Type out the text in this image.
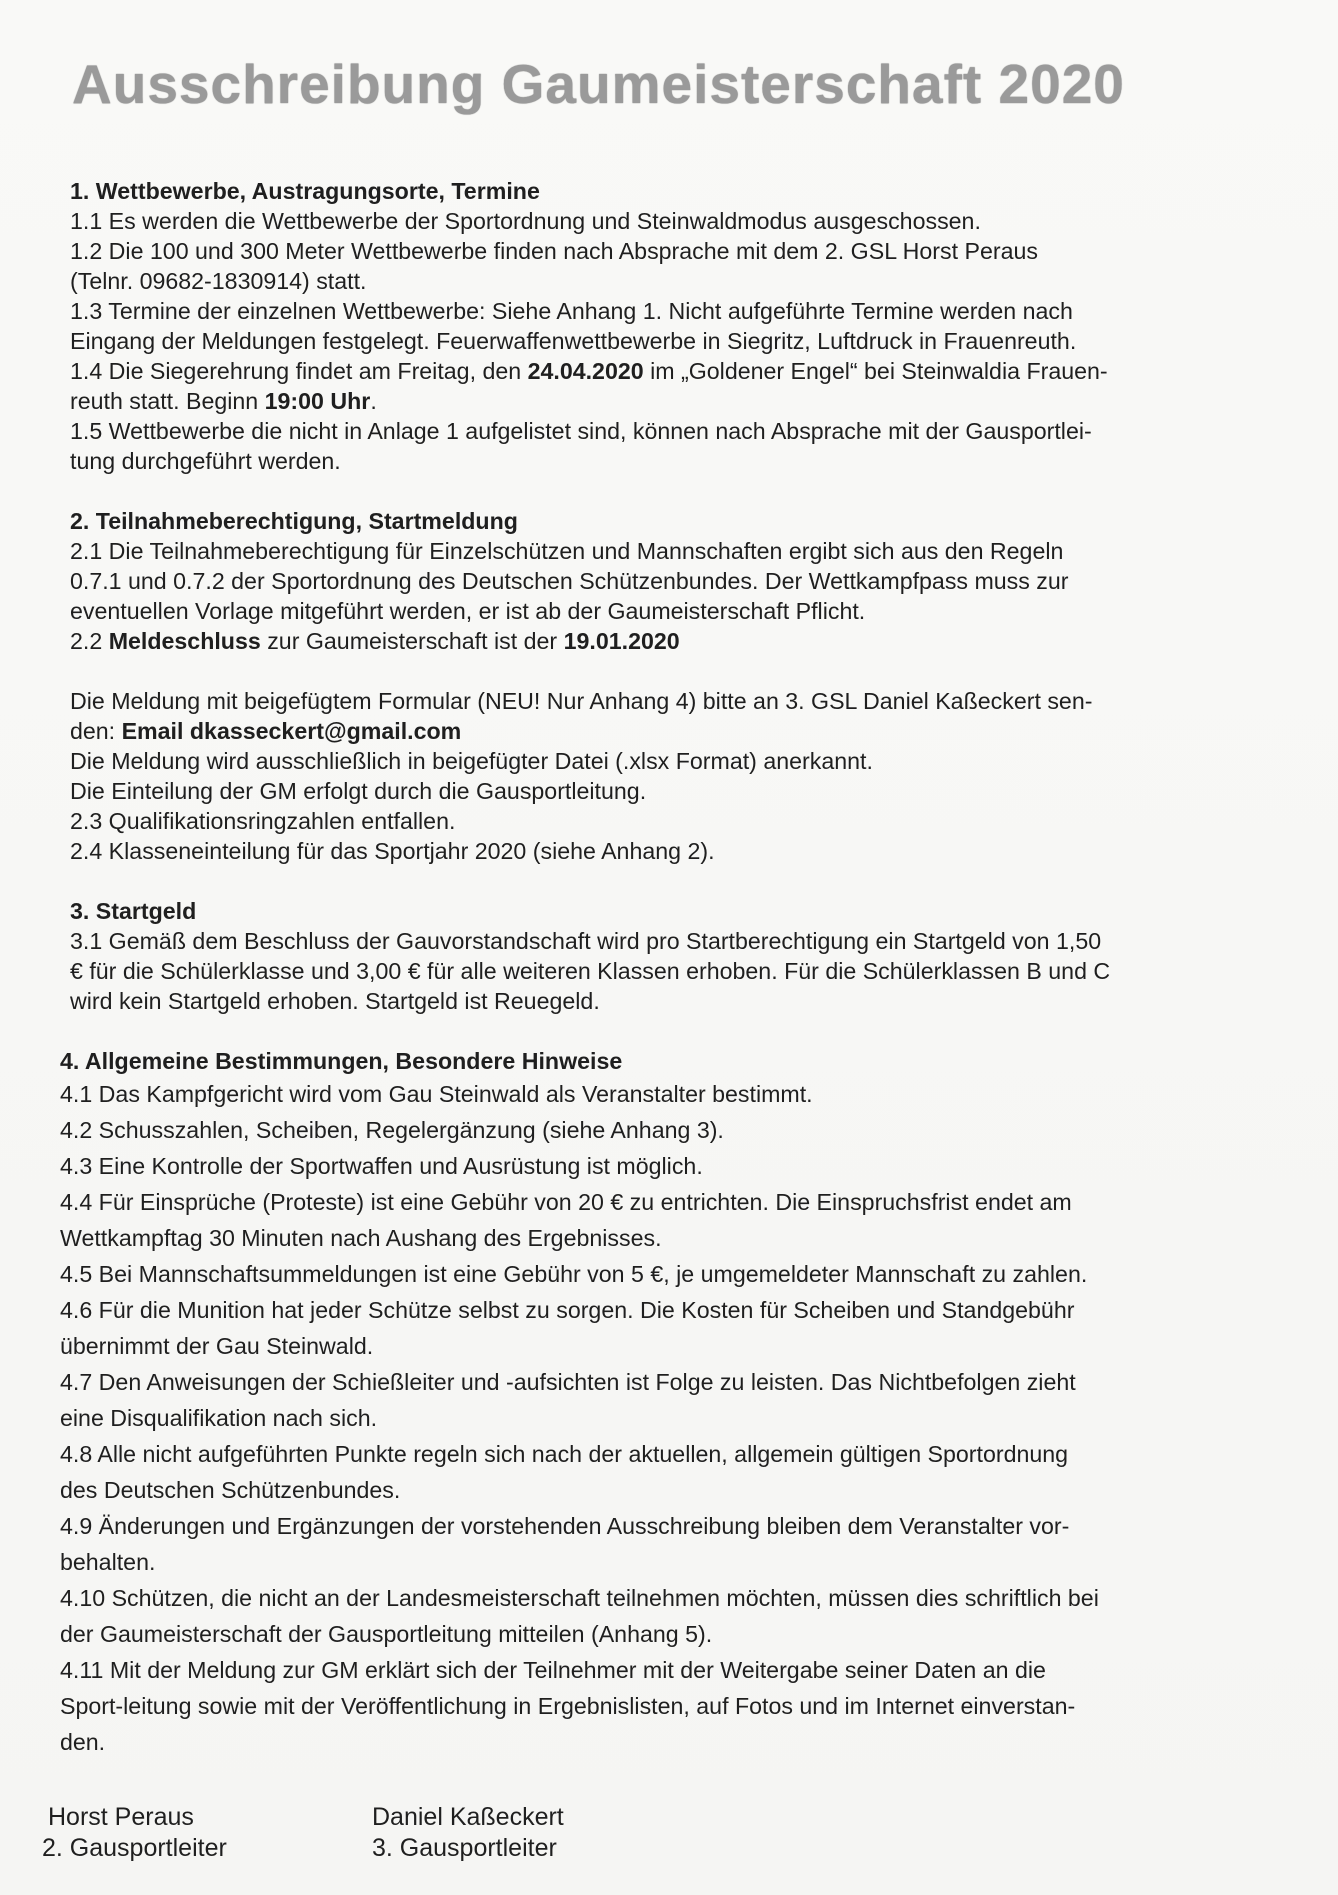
Ausschreibung Gaumeisterschaft 2020
1. Wettbewerbe, Austragungsorte, Termine
1.1 Es werden die Wettbewerbe der Sportordnung und Steinwaldmodus ausgeschossen.
1.2 Die 100 und 300 Meter Wettbewerbe finden nach Absprache mit dem 2. GSL Horst Peraus
(Telnr. 09682-1830914) statt.
1.3 Termine der einzelnen Wettbewerbe: Siehe Anhang 1. Nicht aufgeführte Termine werden nach
Eingang der Meldungen festgelegt. Feuerwaffenwettbewerbe in Siegritz, Luftdruck in Frauenreuth.
1.4 Die Siegerehrung findet am Freitag, den 24.04.2020 im „Goldener Engel“ bei Steinwaldia Frauen-
reuth statt. Beginn 19:00 Uhr.
1.5 Wettbewerbe die nicht in Anlage 1 aufgelistet sind, können nach Absprache mit der Gausportlei-
tung durchgeführt werden.
2. Teilnahmeberechtigung, Startmeldung
2.1 Die Teilnahmeberechtigung für Einzelschützen und Mannschaften ergibt sich aus den Regeln
0.7.1 und 0.7.2 der Sportordnung des Deutschen Schützenbundes. Der Wettkampfpass muss zur
eventuellen Vorlage mitgeführt werden, er ist ab der Gaumeisterschaft Pflicht.
2.2 Meldeschluss zur Gaumeisterschaft ist der 19.01.2020

Die Meldung mit beigefügtem Formular (NEU! Nur Anhang 4) bitte an 3. GSL Daniel Kaßeckert sen-
den: Email dkasseckert@gmail.com
Die Meldung wird ausschließlich in beigefügter Datei (.xlsx Format) anerkannt.
Die Einteilung der GM erfolgt durch die Gausportleitung.
2.3 Qualifikationsringzahlen entfallen.
2.4 Klasseneinteilung für das Sportjahr 2020 (siehe Anhang 2).
3. Startgeld
3.1 Gemäß dem Beschluss der Gauvorstandschaft wird pro Startberechtigung ein Startgeld von 1,50
€ für die Schülerklasse und 3,00 € für alle weiteren Klassen erhoben. Für die Schülerklassen B und C
wird kein Startgeld erhoben. Startgeld ist Reuegeld.
4. Allgemeine Bestimmungen, Besondere Hinweise
4.1 Das Kampfgericht wird vom Gau Steinwald als Veranstalter bestimmt.
4.2 Schusszahlen, Scheiben, Regelergänzung (siehe Anhang 3).
4.3 Eine Kontrolle der Sportwaffen und Ausrüstung ist möglich.
4.4 Für Einsprüche (Proteste) ist eine Gebühr von 20 € zu entrichten. Die Einspruchsfrist endet am
Wettkampftag 30 Minuten nach Aushang des Ergebnisses.
4.5 Bei Mannschaftsummeldungen ist eine Gebühr von 5 €, je umgemeldeter Mannschaft zu zahlen.
4.6 Für die Munition hat jeder Schütze selbst zu sorgen. Die Kosten für Scheiben und Standgebühr
übernimmt der Gau Steinwald.
4.7 Den Anweisungen der Schießleiter und -aufsichten ist Folge zu leisten. Das Nichtbefolgen zieht
eine Disqualifikation nach sich.
4.8 Alle nicht aufgeführten Punkte regeln sich nach der aktuellen, allgemein gültigen Sportordnung
des Deutschen Schützenbundes.
4.9 Änderungen und Ergänzungen der vorstehenden Ausschreibung bleiben dem Veranstalter vor-
behalten.
4.10 Schützen, die nicht an der Landesmeisterschaft teilnehmen möchten, müssen dies schriftlich bei
der Gaumeisterschaft der Gausportleitung mitteilen (Anhang 5).
4.11 Mit der Meldung zur GM erklärt sich der Teilnehmer mit der Weitergabe seiner Daten an die
Sport-leitung sowie mit der Veröffentlichung in Ergebnislisten, auf Fotos und im Internet einverstan-
den.
Horst Peraus
2. Gausportleiter
Daniel Kaßeckert
3. Gausportleiter
